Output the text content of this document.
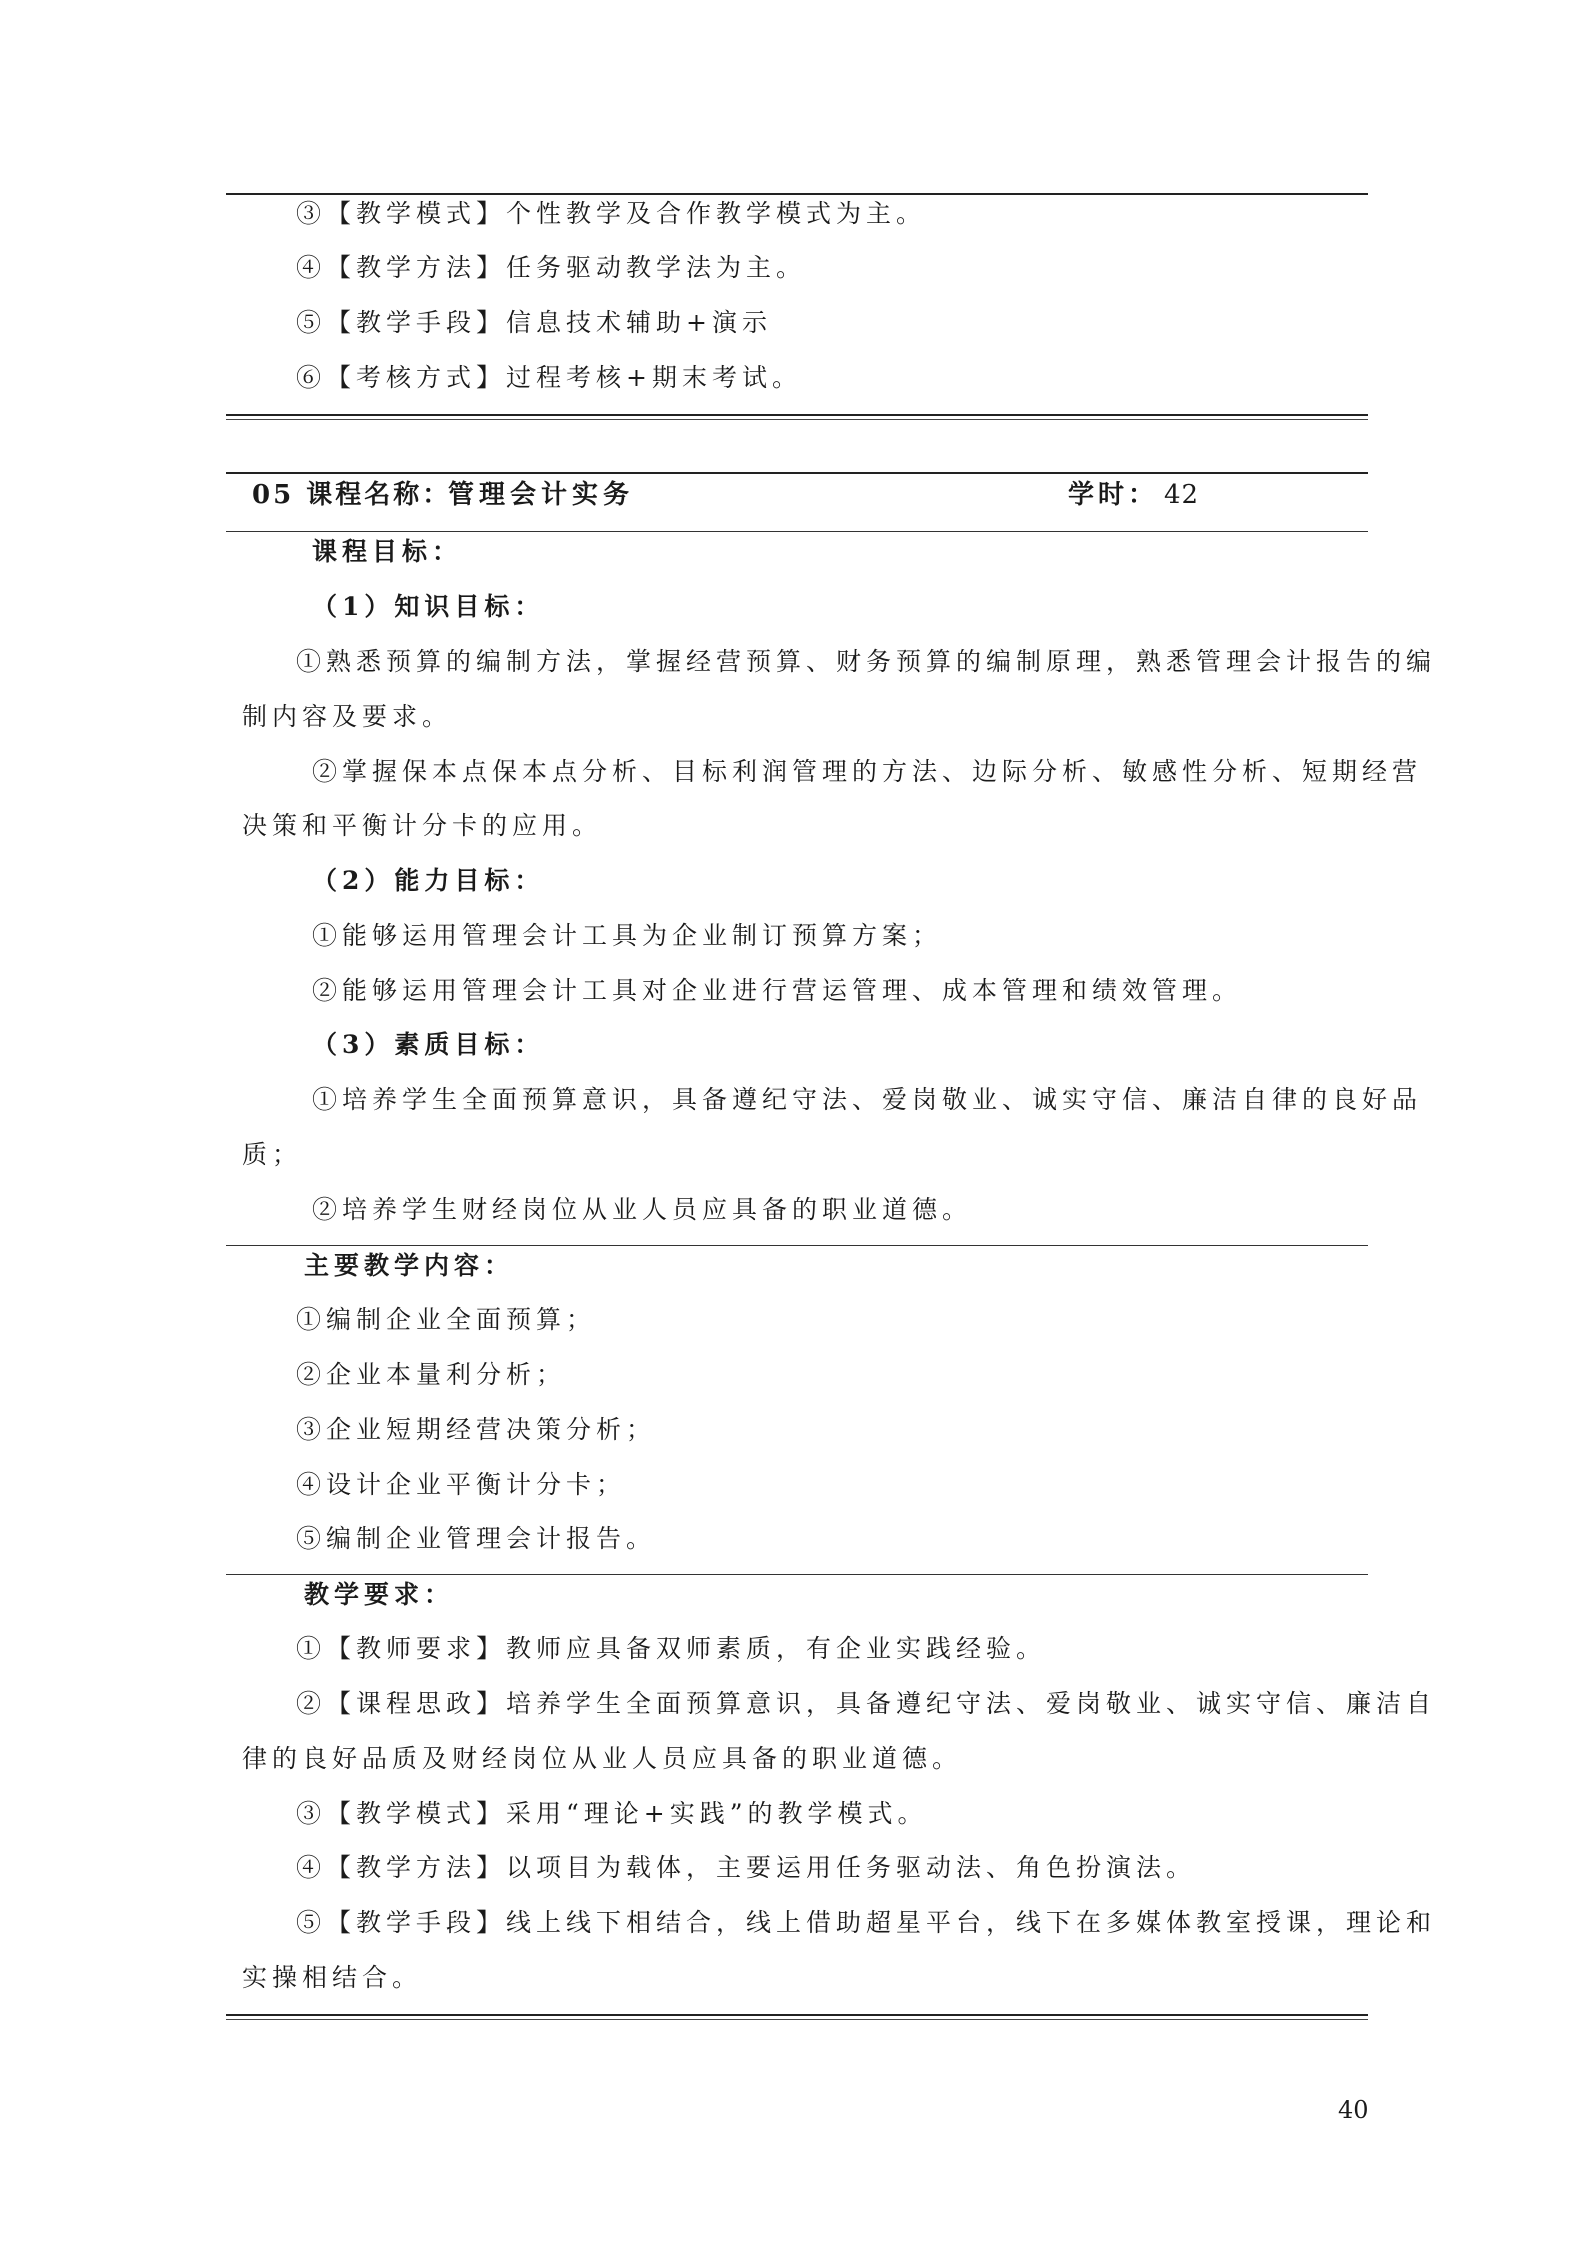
③【教学模式】个性教学及合作教学模式为主。
④【教学方法】任务驱动教学法为主。
⑤【教学手段】信息技术辅助+演示
⑥【考核方式】过程考核+期末考试。
05 课程名称：
管理会计实务	学时： 42
课程目标：
（1）知识目标：
①熟悉预算的编制方法，掌握经营预算、财务预算的编制原理，熟悉管理会计报告的编
制内容及要求。
②掌握保本点保本点分析、目标利润管理的方法、边际分析、敏感性分析、短期经营
决策和平衡计分卡的应用。
（2）能力目标：
①能够运用管理会计工具为企业制订预算方案；
②能够运用管理会计工具对企业进行营运管理、成本管理和绩效管理。
（3）素质目标：
①培养学生全面预算意识，具备遵纪守法、爱岗敬业、诚实守信、廉洁自律的良好品
质；
②培养学生财经岗位从业人员应具备的职业道德。
主要教学内容：
①编制企业全面预算；
②企业本量利分析；
③企业短期经营决策分析；
④设计企业平衡计分卡；
⑤编制企业管理会计报告。
教学要求：
①【教师要求】教师应具备双师素质，有企业实践经验。
②【课程思政】培养学生全面预算意识，具备遵纪守法、爱岗敬业、诚实守信、廉洁自
律的良好品质及财经岗位从业人员应具备的职业道德。
③【教学模式】采用“理论+实践”的教学模式。
④【教学方法】以项目为载体，主要运用任务驱动法、角色扮演法。
⑤【教学手段】线上线下相结合，线上借助超星平台，线下在多媒体教室授课，理论和
实操相结合。
40
